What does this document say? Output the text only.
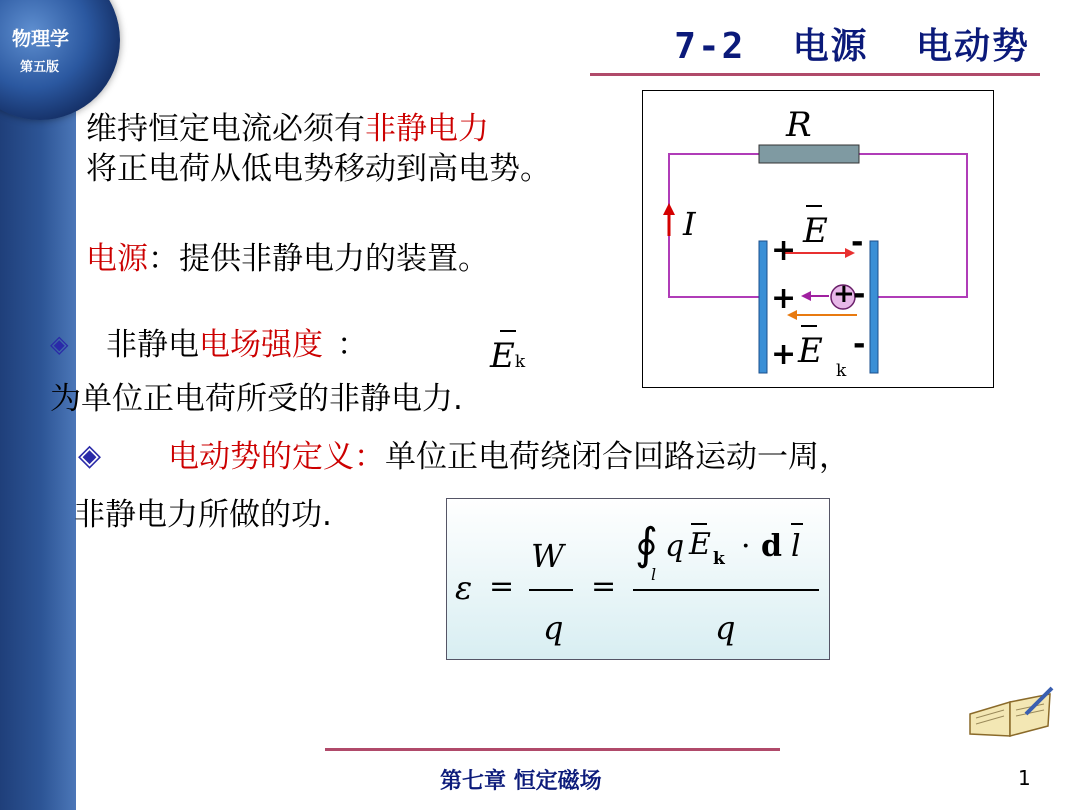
物理学
第五版
7-2  电源  电动势
维持恒定电流必须有非静电力
将正电荷从低电势移动到高电势。
电源：提供非静电力的装置。
◈ 非静电电场强度 ：	Ek
为单位正电荷所受的非静电力.
◈ 电动势的定义：单位正电荷绕闭合回路运动一周，
非静电力所做的功.
R
I	E
+ -
+ +
-
+ -
E k
ε =
W
q
=
∮
l
q E k · d l
q
第七章 恒定磁场	1
